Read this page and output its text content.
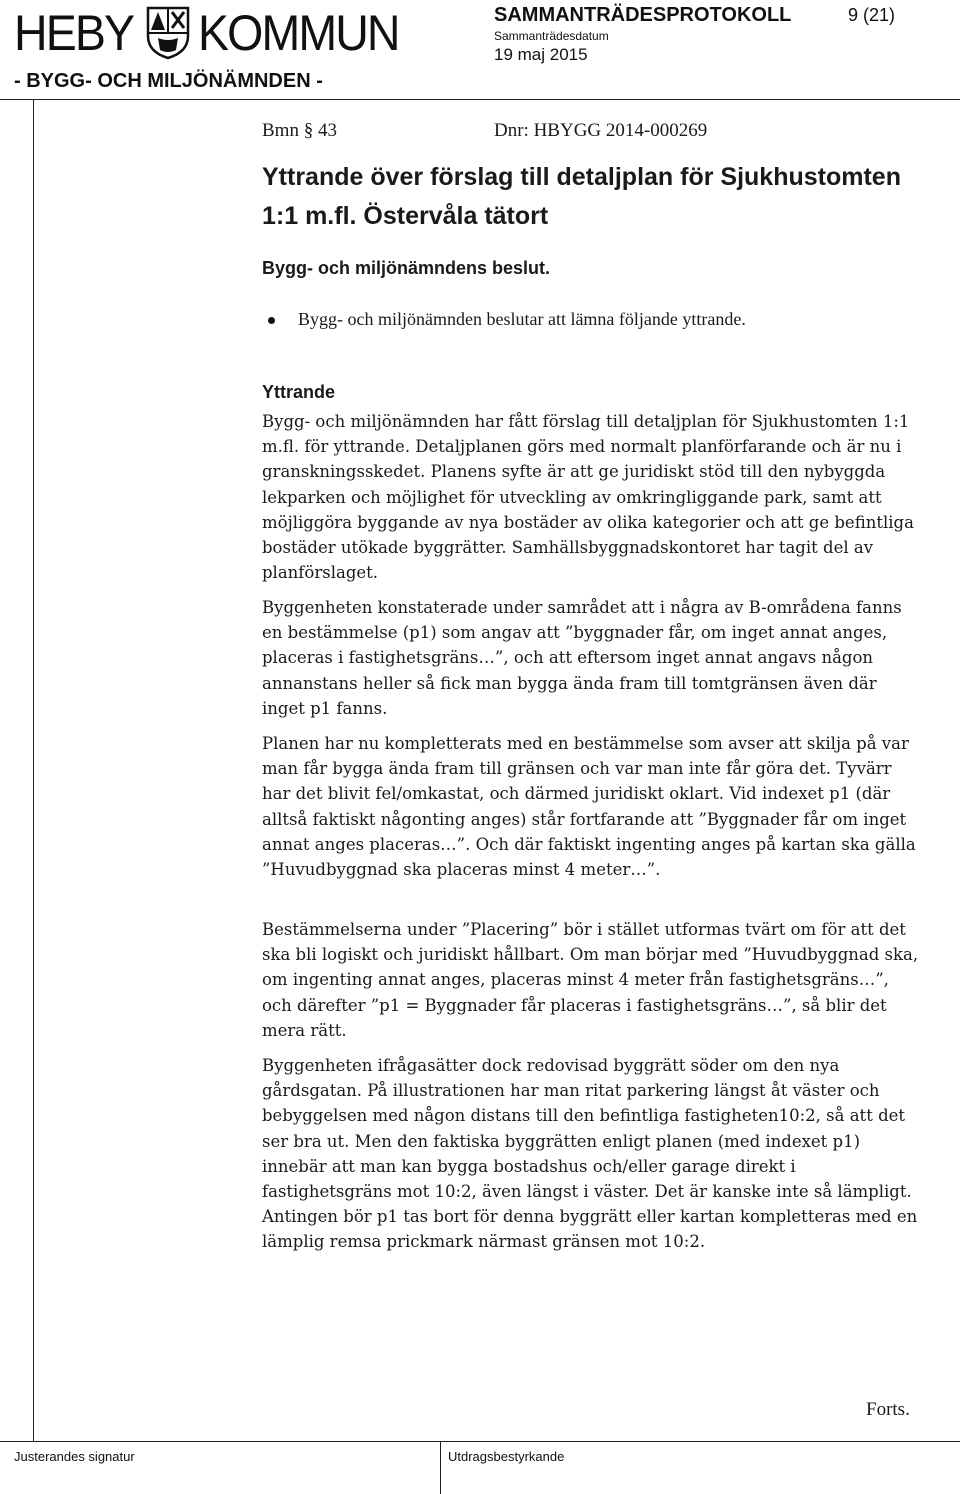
HEBY KOMMUN
- BYGG- OCH MILJÖNÄMNDEN -
SAMMANTRÄDESPROTOKOLL
Sammanträdesdatum
19 maj 2015
9 (21)
Bmn § 43	Dnr: HBYGG 2014-000269
Yttrande över förslag till detaljplan för Sjukhustomten 1:1 m.fl. Östervåla tätort
Bygg- och miljönämndens beslut.
Bygg- och miljönämnden beslutar att lämna följande yttrande.
Yttrande

Bygg- och miljönämnden har fått förslag till detaljplan för Sjukhustomten 1:1 m.fl. för yttrande. Detaljplanen görs med normalt planförfarande och är nu i granskningsskedet. Planens syfte är att ge juridiskt stöd till den nybyggda lekparken och möjlighet för utveckling av omkringliggande park, samt att möjliggöra byggande av nya bostäder av olika kategorier och att ge befintliga bostäder utökade byggrätter. Samhällsbyggnadskontoret har tagit del av planförslaget.

Byggenheten konstaterade under samrådet att i några av B-områdena fanns en bestämmelse (p1) som angav att ”byggnader får, om inget annat anges, placeras i fastighetsgräns…”, och att eftersom inget annat angavs någon annanstans heller så fick man bygga ända fram till tomtgränsen även där inget p1 fanns.

Planen har nu kompletterats med en bestämmelse som avser att skilja på var man får bygga ända fram till gränsen och var man inte får göra det. Tyvärr har det blivit fel/omkastat, och därmed juridiskt oklart. Vid indexet p1 (där alltså faktiskt någonting anges) står fortfarande att ”Byggnader får om inget annat anges placeras…”. Och där faktiskt ingenting anges på kartan ska gälla ”Huvudbyggnad ska placeras minst 4 meter…”.

Bestämmelserna under ”Placering” bör i stället utformas tvärt om för att det ska bli logiskt och juridiskt hållbart. Om man börjar med ”Huvudbyggnad ska, om ingenting annat anges, placeras minst 4 meter från fastighetsgräns…”, och därefter ”p1 = Byggnader får placeras i fastighetsgräns…”, så blir det mera rätt.

Byggenheten ifrågasätter dock redovisad byggrätt söder om den nya gårdsgatan. På illustrationen har man ritat parkering längst åt väster och bebyggelsen med någon distans till den befintliga fastigheten10:2, så att det ser bra ut. Men den faktiska byggrätten enligt planen (med indexet p1) innebär att man kan bygga bostadshus och/eller garage direkt i fastighetsgräns mot 10:2, även längst i väster. Det är kanske inte så lämpligt. Antingen bör p1 tas bort för denna byggrätt eller kartan kompletteras med en lämplig remsa prickmark närmast gränsen mot 10:2.

Forts.
Justerandes signatur	Utdragsbestyrkande
